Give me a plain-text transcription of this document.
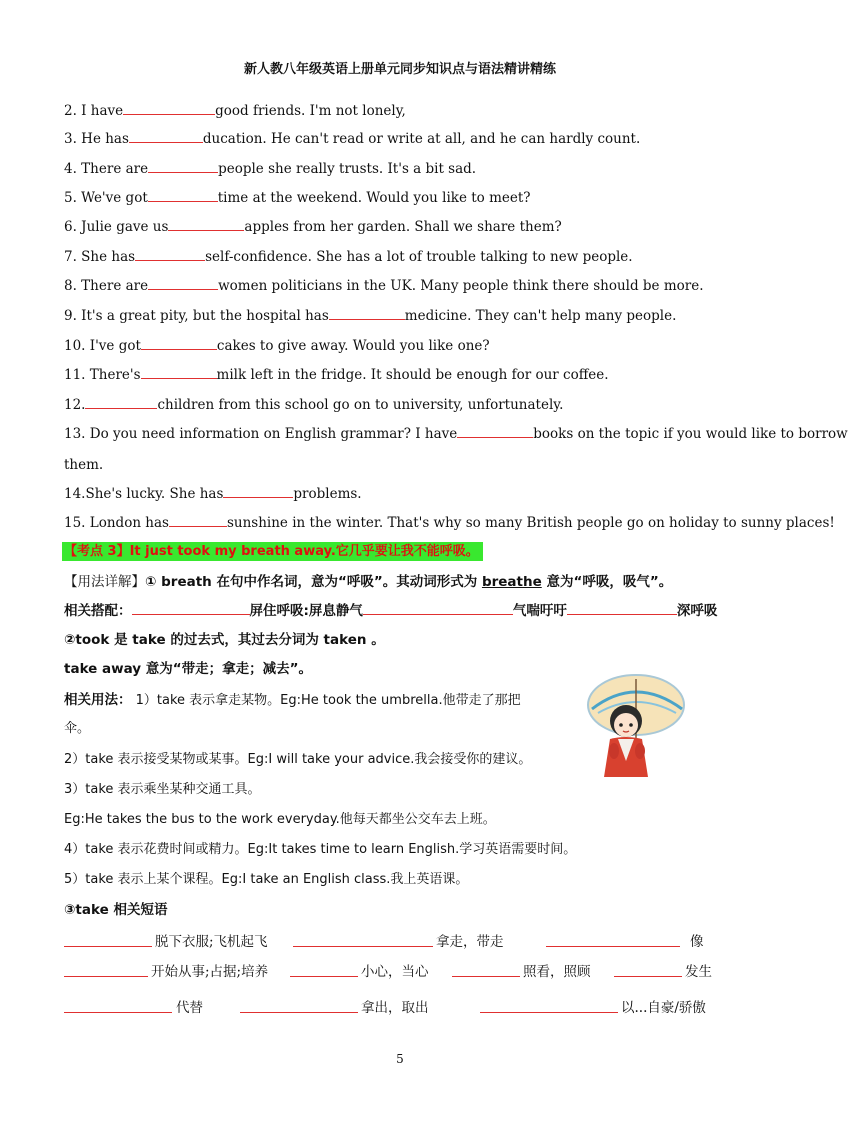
新人教八年级英语上册单元同步知识点与语法精讲精练
2. I have	good friends. I'm not lonely,
3. He has	ducation. He can't read or write at all, and he can hardly count.
4. There are	people she really trusts. It's a bit sad.
5. We've got	time at the weekend. Would you like to meet?
6. Julie gave us	apples from her garden. Shall we share them?
7. She has	self-confidence. She has a lot of trouble talking to new people.
8. There are	women politicians in the UK. Many people think there should be more.
9. It's a great pity, but the hospital has	medicine. They can't help many people.
10. I've got	cakes to give away. Would you like one?
11. There's	milk left in the fridge. It should be enough for our coffee.
12.	children from this school go on to university, unfortunately.
13. Do you need information on English grammar? I have	books on the topic if you would like to borrow
them.
14.She's lucky. She has	problems.
15. London has	sunshine in the winter. That's why so many British people go on holiday to sunny places!
【考点 3】It just took my breath away.它几乎要让我不能呼吸。
【用法详解】① breath 在句中作名词，意为“呼吸”。其动词形式为 breathe 意为“呼吸，吸气”。
相关搭配：	屏住呼吸:屏息静气	气喘吁吁	深呼吸
②took 是 take 的过去式，其过去分词为 taken 。
take away 意为“带走；拿走；减去”。
相关用法： 1）take 表示拿走某物。Eg:He took the umbrella.他带走了那把
伞。
2）take 表示接受某物或某事。Eg:I will take your advice.我会接受你的建议。
3）take 表示乘坐某种交通工具。
Eg:He takes the bus to the work everyday.他每天都坐公交车去上班。
4）take 表示花费时间或精力。Eg:It takes time to learn English.学习英语需要时间。
5）take 表示上某个课程。Eg:I take an English class.我上英语课。
③take 相关短语
脱下衣服;飞机起飞	拿走，带走	像
开始从事;占据;培养	小心，当心	照看，照顾	发生
代替	拿出，取出	以...自豪/骄傲
5
